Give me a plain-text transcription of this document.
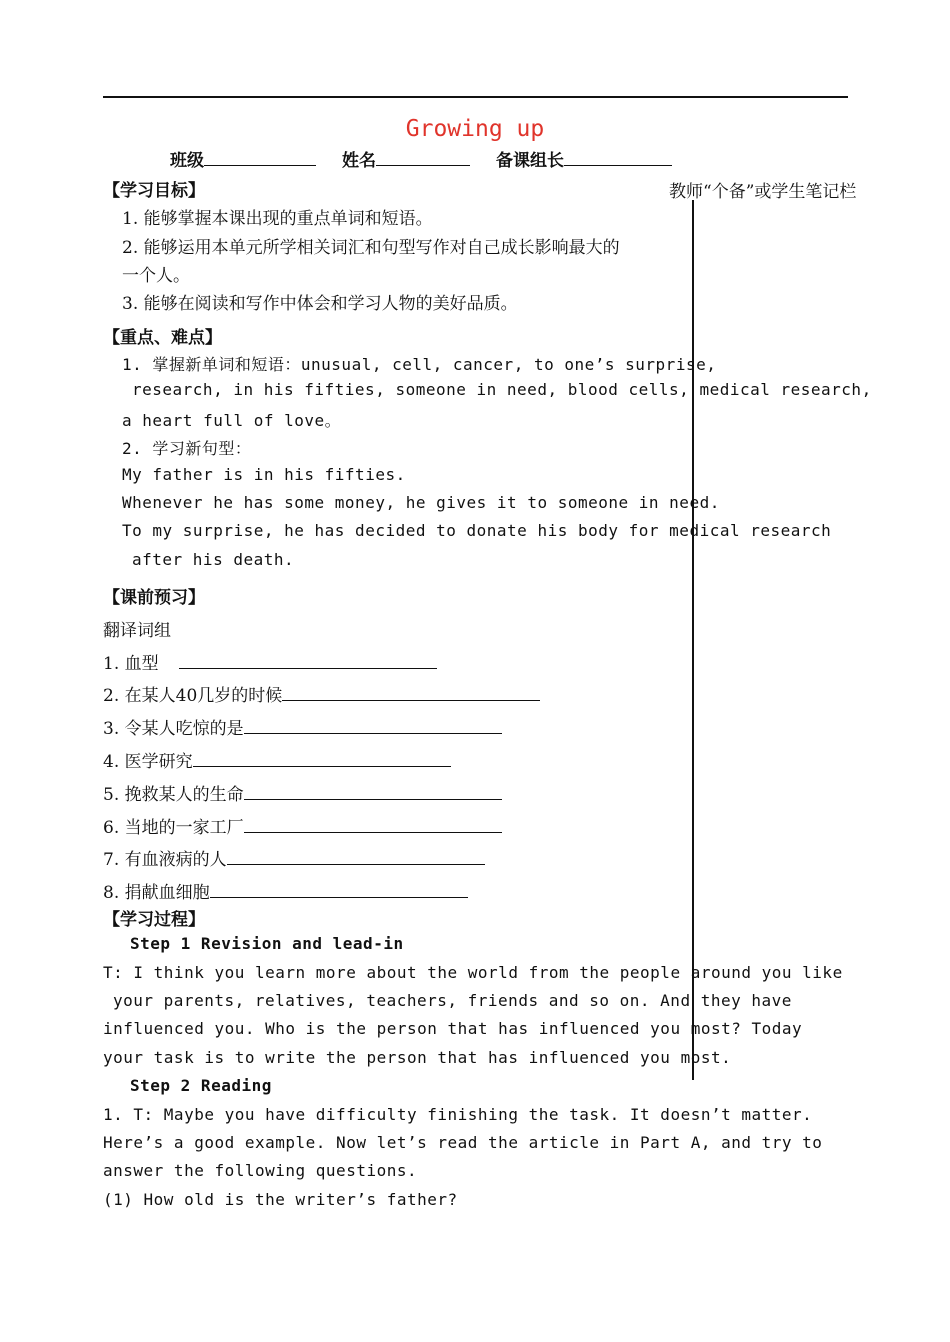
Growing up
班级	姓名	备课组长
教师“个备”或学生笔记栏
【学习目标】
1. 能够掌握本课出现的重点单词和短语。
2. 能够运用本单元所学相关词汇和句型写作对自己成长影响最大的
一个人。
3. 能够在阅读和写作中体会和学习人物的美好品质。
【重点、难点】
1. 掌握新单词和短语：unusual, cell, cancer, to one’s surprise,
research, in his fifties, someone in need, blood cells, medical research,
a heart full of love。
2. 学习新句型：
My father is in his fifties.
Whenever he has some money, he gives it to someone in need.
To my surprise, he has decided to donate his body for medical research
after his death.
【课前预习】
翻译词组
1. 血型
2. 在某人40几岁的时候
3. 令某人吃惊的是
4. 医学研究
5. 挽救某人的生命
6. 当地的一家工厂
7. 有血液病的人
8. 捐献血细胞
【学习过程】
Step 1 Revision and lead-in
T: I think you learn more about the world from the people around you like
your parents, relatives, teachers, friends and so on. And they have
influenced you. Who is the person that has influenced you most? Today
your task is to write the person that has influenced you most.
Step 2 Reading
1. T: Maybe you have difficulty finishing the task. It doesn’t matter.
Here’s a good example. Now let’s read the article in Part A, and try to
answer the following questions.
(1) How old is the writer’s father?
